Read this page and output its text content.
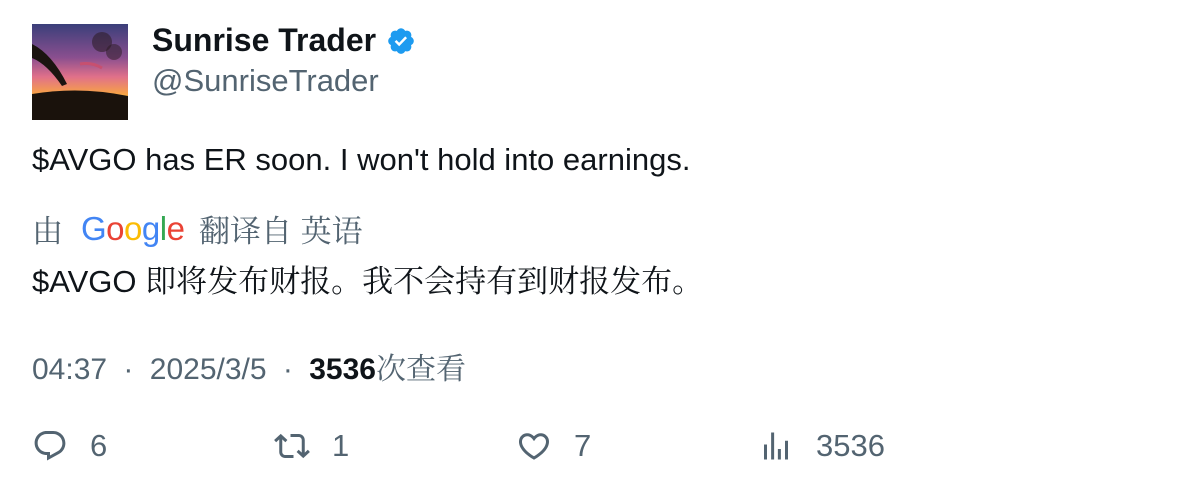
Sunrise Trader
@SunriseTrader
$AVGO has ER soon. I won't hold into earnings.
由 Google 翻译自 英语
$AVGO 即将发布财报。我不会持有到财报发布。
04:37 · 2025/3/5 · 3536次查看
6	1	7	3536
